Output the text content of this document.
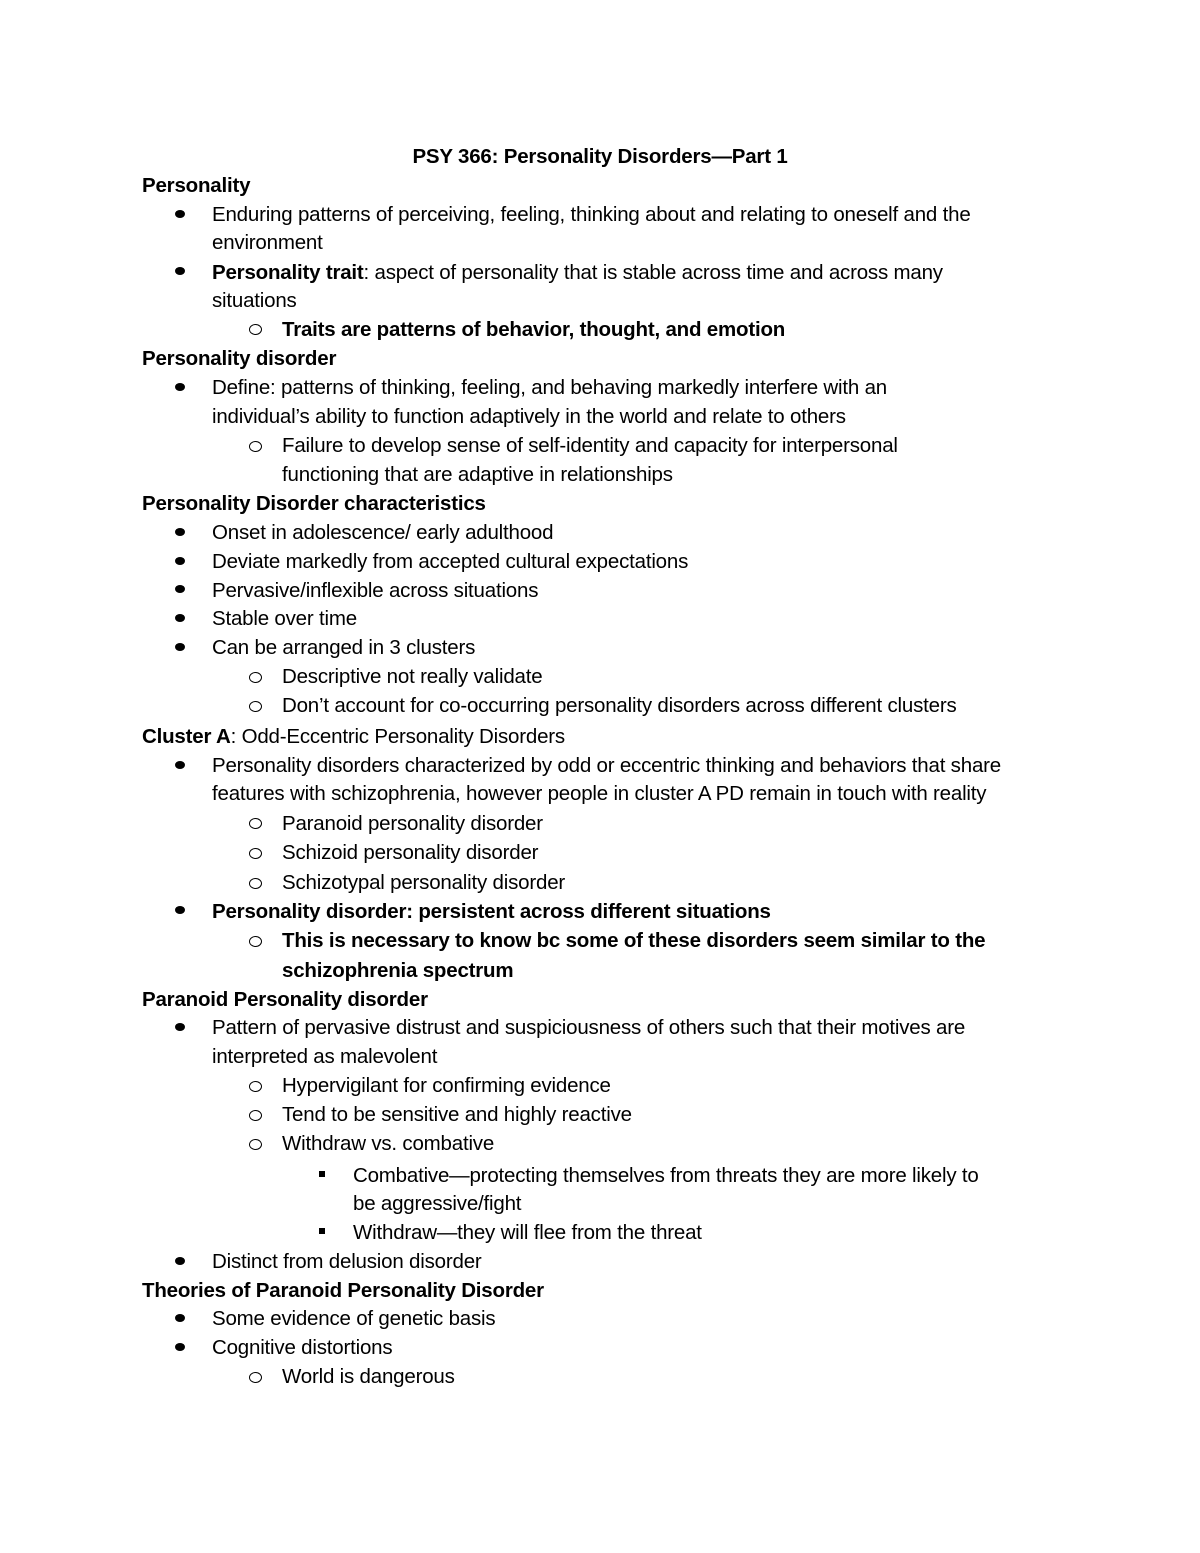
PSY 366: Personality Disorders—Part 1
Personality
Enduring patterns of perceiving, feeling, thinking about and relating to oneself and the
environment
Personality trait: aspect of personality that is stable across time and across many
situations
Traits are patterns of behavior, thought, and emotion
Personality disorder
Define: patterns of thinking, feeling, and behaving markedly interfere with an
individual’s ability to function adaptively in the world and relate to others
Failure to develop sense of self-identity and capacity for interpersonal
functioning that are adaptive in relationships
Personality Disorder characteristics
Onset in adolescence/ early adulthood
Deviate markedly from accepted cultural expectations
Pervasive/inflexible across situations
Stable over time
Can be arranged in 3 clusters
Descriptive not really validate
Don’t account for co-occurring personality disorders across different clusters
Cluster A: Odd-Eccentric Personality Disorders
Personality disorders characterized by odd or eccentric thinking and behaviors that share
features with schizophrenia, however people in cluster A PD remain in touch with reality
Paranoid personality disorder
Schizoid personality disorder
Schizotypal personality disorder
Personality disorder: persistent across different situations
This is necessary to know bc some of these disorders seem similar to the
schizophrenia spectrum
Paranoid Personality disorder
Pattern of pervasive distrust and suspiciousness of others such that their motives are
interpreted as malevolent
Hypervigilant for confirming evidence
Tend to be sensitive and highly reactive
Withdraw vs. combative
Combative—protecting themselves from threats they are more likely to
be aggressive/fight
Withdraw—they will flee from the threat
Distinct from delusion disorder
Theories of Paranoid Personality Disorder
Some evidence of genetic basis
Cognitive distortions
World is dangerous
